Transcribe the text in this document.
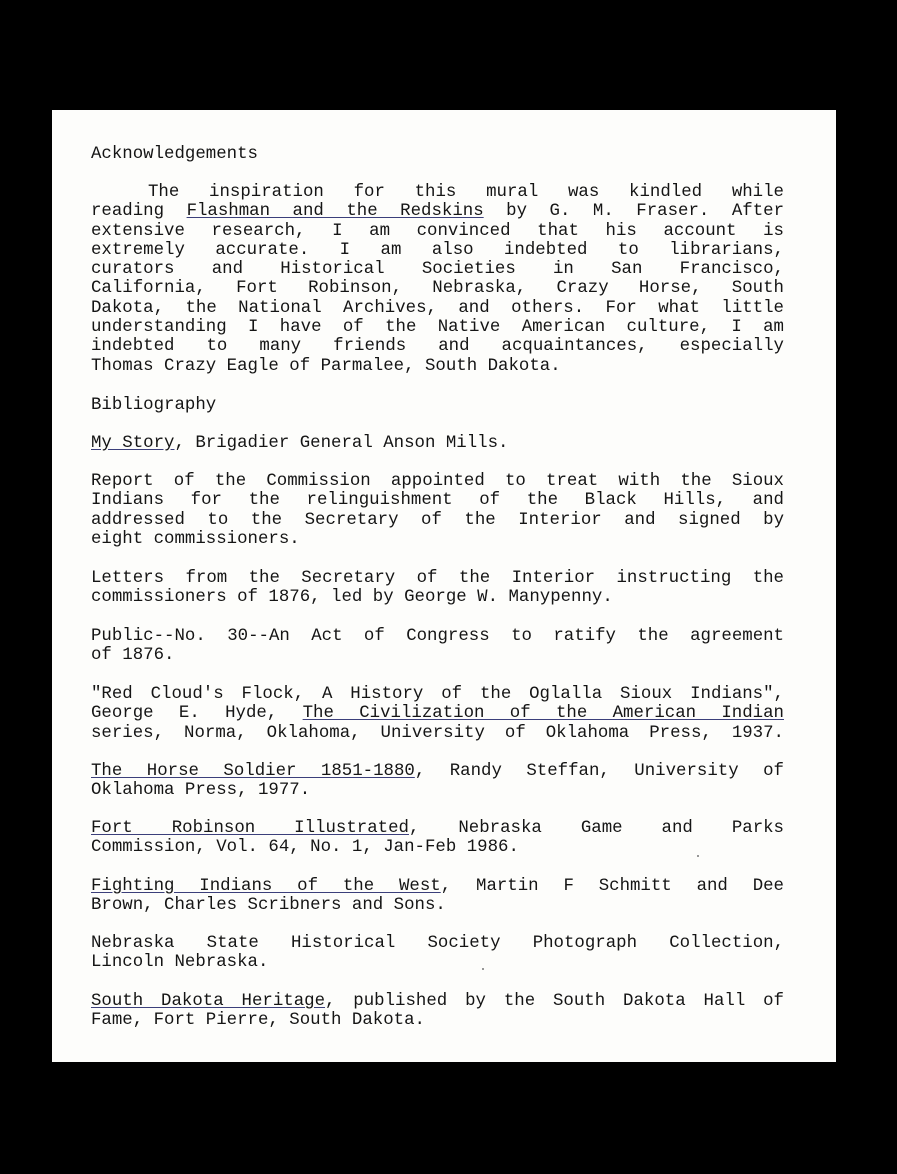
Acknowledgements
The inspiration for this mural was kindled while
reading Flashman and the Redskins by G. M. Fraser. After
extensive research, I am convinced that his account is
extremely accurate. I am also indebted to librarians,
curators and Historical Societies in San Francisco,
California, Fort Robinson, Nebraska, Crazy Horse, South
Dakota, the National Archives, and others. For what little
understanding I have of the Native American culture, I am
indebted to many friends and acquaintances, especially
Thomas Crazy Eagle of Parmalee, South Dakota.
Bibliography
My Story, Brigadier General Anson Mills.
Report of the Commission appointed to treat with the Sioux
Indians for the relinguishment of the Black Hills, and
addressed to the Secretary of the Interior and signed by
eight commissioners.
Letters from the Secretary of the Interior instructing the
commissioners of 1876, led by George W. Manypenny.
Public--No. 30--An Act of Congress to ratify the agreement
of 1876.
"Red Cloud's Flock, A History of the Oglalla Sioux Indians",
George E. Hyde, The Civilization of the American Indian
series, Norma, Oklahoma, University of Oklahoma Press, 1937.
The Horse Soldier 1851-1880, Randy Steffan, University of
Oklahoma Press, 1977.
Fort Robinson Illustrated, Nebraska Game and Parks
Commission, Vol. 64, No. 1, Jan-Feb 1986.
Fighting Indians of the West, Martin F Schmitt and Dee
Brown, Charles Scribners and Sons.
Nebraska State Historical Society Photograph Collection,
Lincoln Nebraska.
South Dakota Heritage, published by the South Dakota Hall of
Fame, Fort Pierre, South Dakota.
